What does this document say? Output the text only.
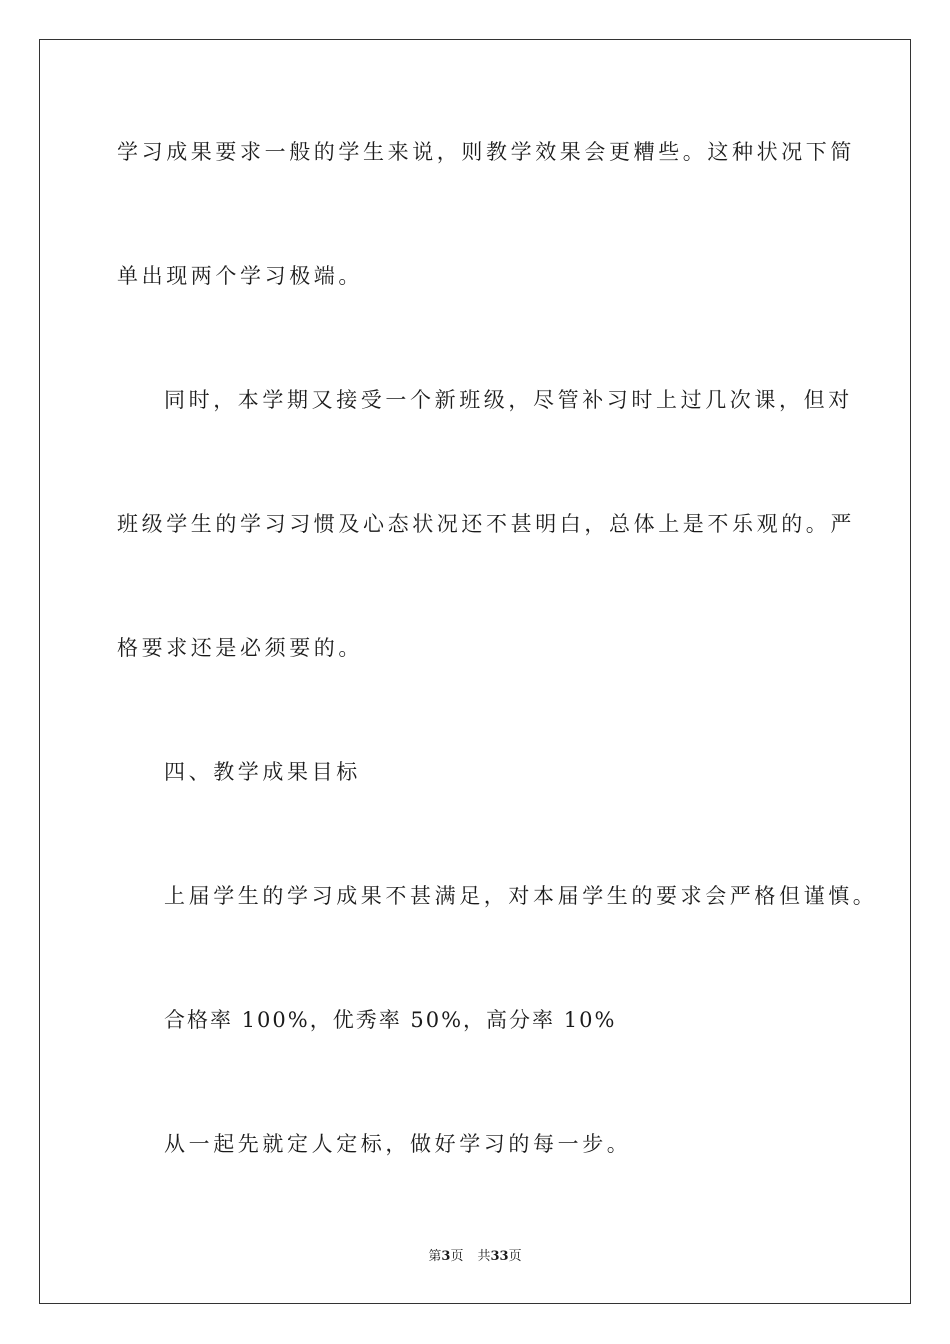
学习成果要求一般的学生来说，则教学效果会更糟些。这种状况下简
单出现两个学习极端。
同时，本学期又接受一个新班级，尽管补习时上过几次课，但对
班级学生的学习习惯及心态状况还不甚明白，总体上是不乐观的。严
格要求还是必须要的。
四、教学成果目标
上届学生的学习成果不甚满足，对本届学生的要求会严格但谨慎。
合格率 100%，优秀率 50%，高分率 10%
从一起先就定人定标，做好学习的每一步。
第3页 共33页
